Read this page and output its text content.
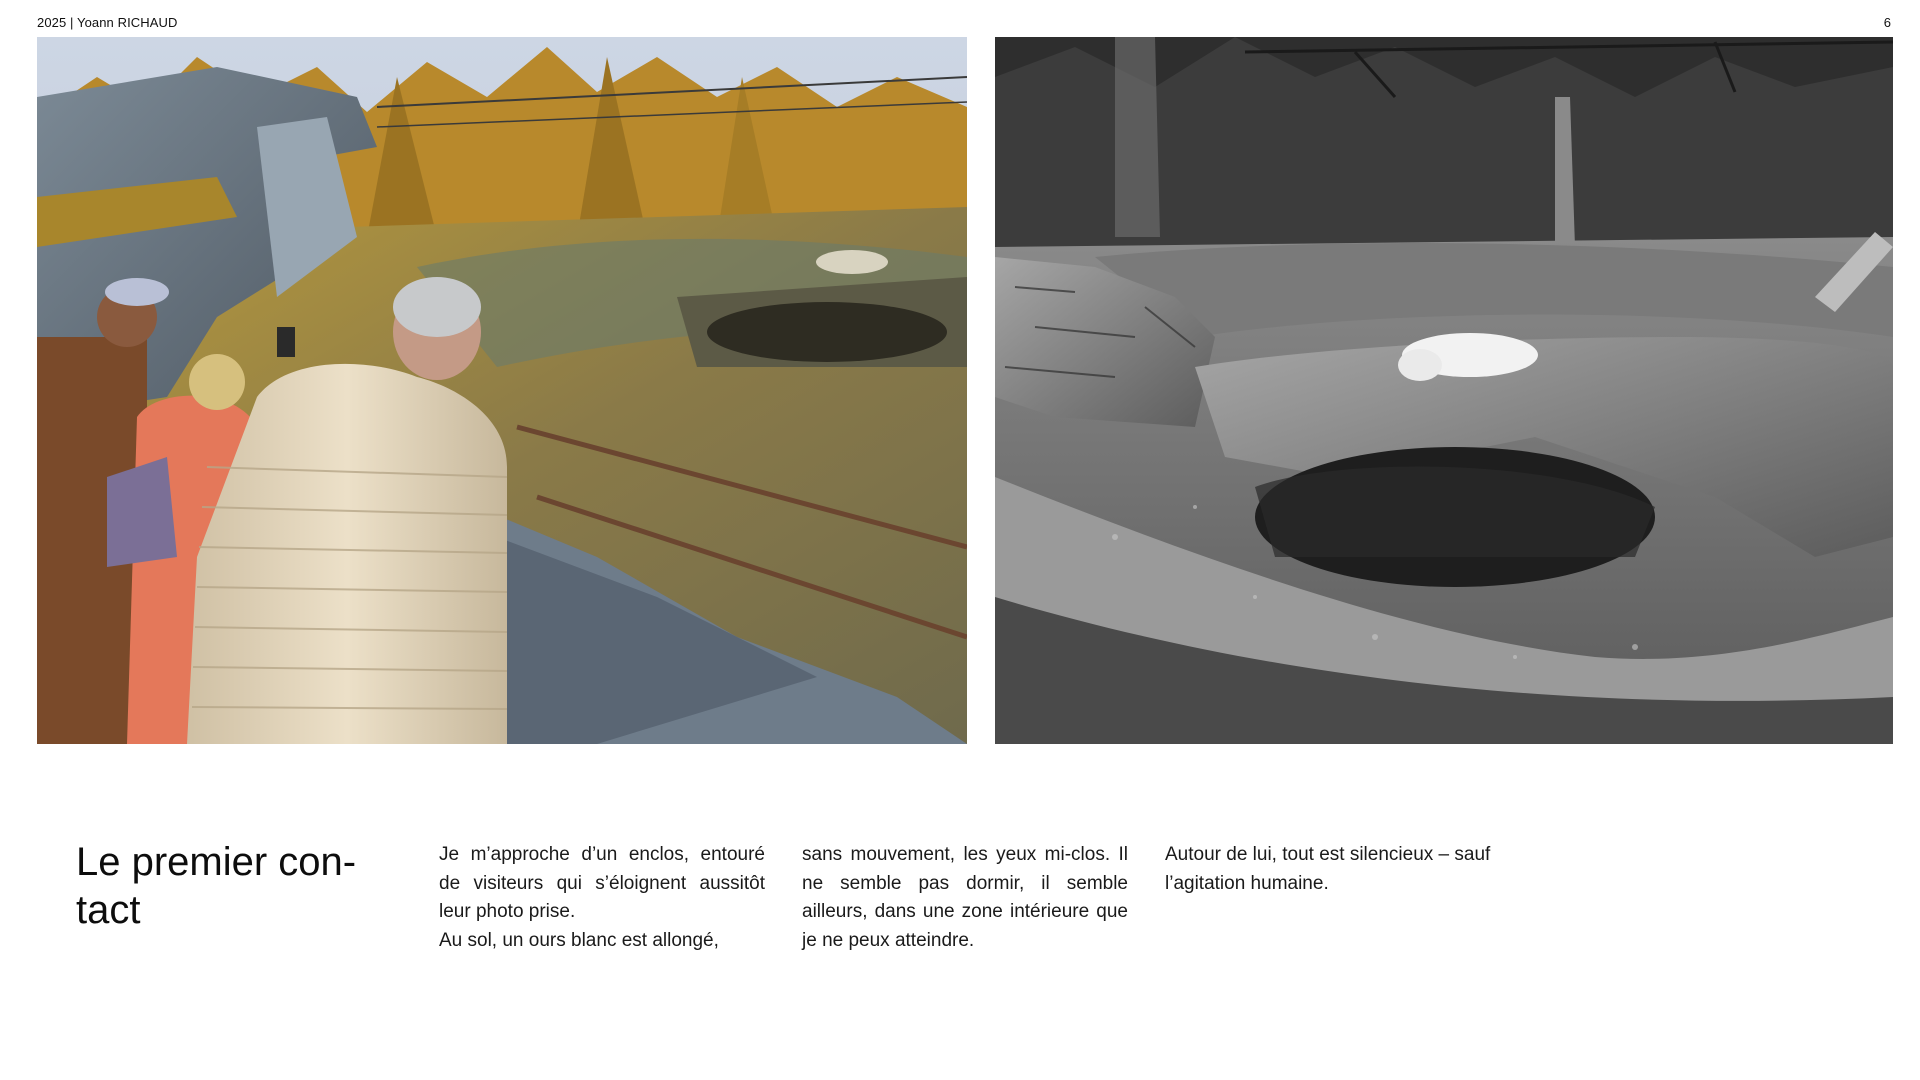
2025 | Yoann RICHAUD	6
Le premier con-
tact

Je m’approche d’un enclos, entouré de visiteurs qui s’éloignent aussitôt leur photo prise.

Au sol, un ours blanc est allongé,

sans mouvement, les yeux mi-clos. Il ne semble pas dormir, il semble ailleurs, dans une zone intérieure que je ne peux atteindre.

Autour de lui, tout est silencieux – sauf l’agitation humaine.
